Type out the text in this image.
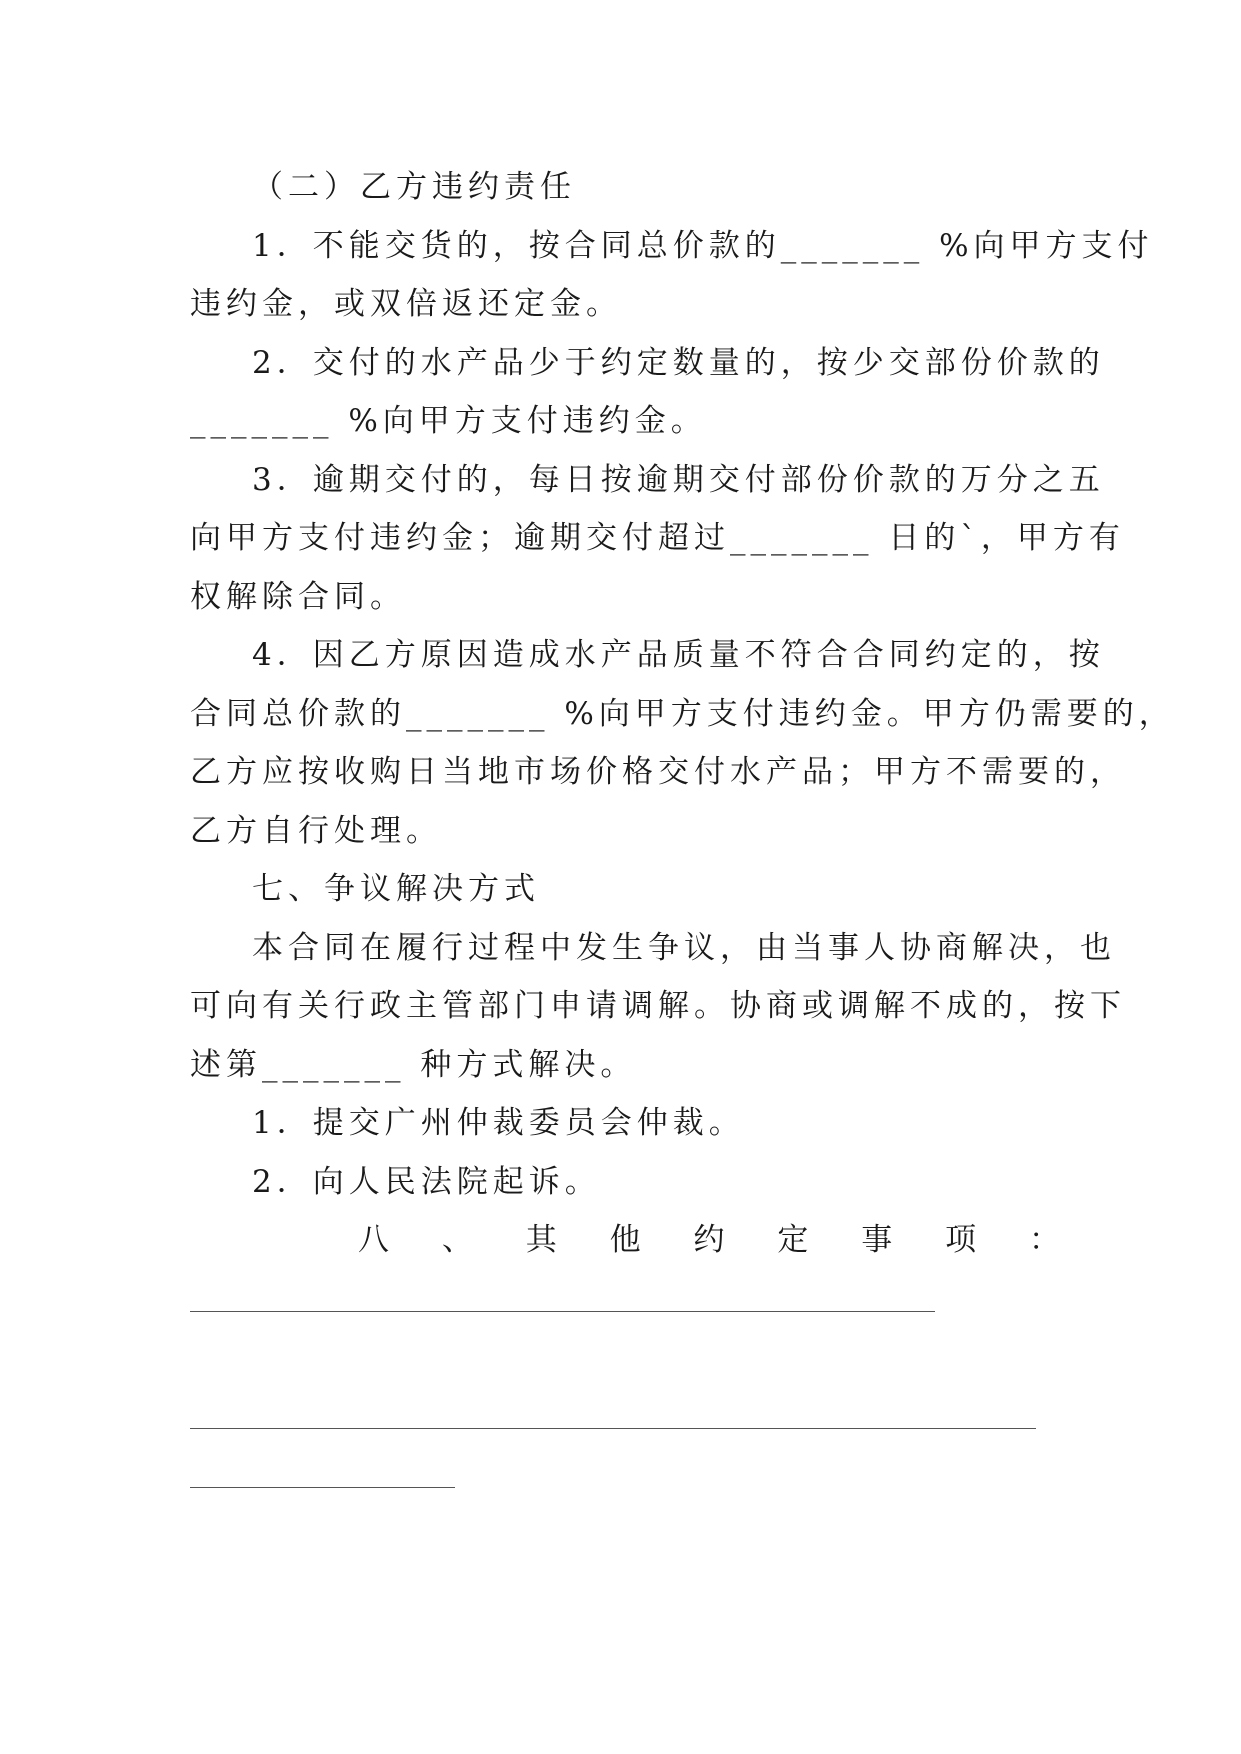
（二）乙方违约责任
1．不能交货的，按合同总价款的_______ %向甲方支付
违约金，或双倍返还定金。
2．交付的水产品少于约定数量的，按少交部份价款的
_______ %向甲方支付违约金。
3．逾期交付的，每日按逾期交付部份价款的万分之五
向甲方支付违约金；逾期交付超过_______ 日的`，甲方有
权解除合同。
4．因乙方原因造成水产品质量不符合合同约定的，按
合同总价款的_______ %向甲方支付违约金。甲方仍需要的，
乙方应按收购日当地市场价格交付水产品；甲方不需要的，
乙方自行处理。
七、争议解决方式
本合同在履行过程中发生争议，由当事人协商解决，也
可向有关行政主管部门申请调解。协商或调解不成的，按下
述第_______ 种方式解决。
1．提交广州仲裁委员会仲裁。
2．向人民法院起诉。
八 、 其 他 约 定 事 项 ：
